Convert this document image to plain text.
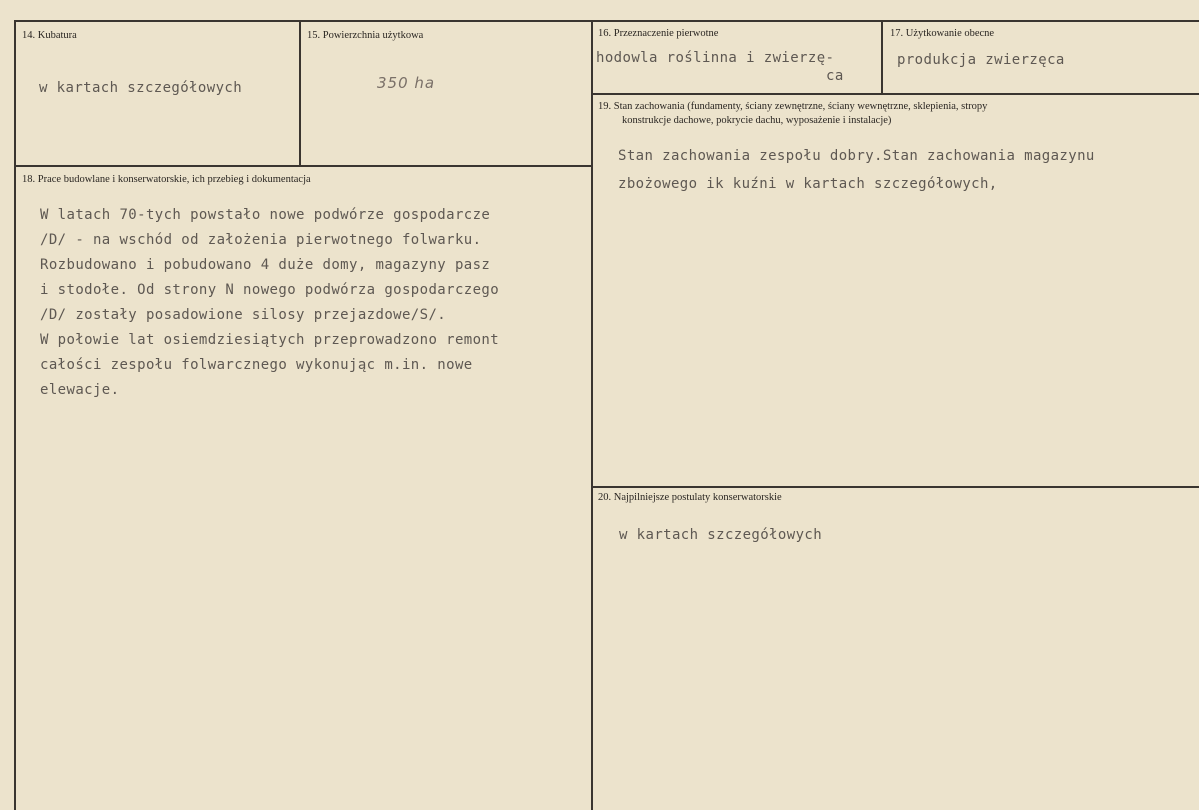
14. Kubatura
w kartach szczegółowych
15. Powierzchnia użytkowa
350 ha
16. Przeznaczenie pierwotne
hodowla roślinna i zwierzę-
ca
17. Użytkowanie obecne
produkcja zwierzęca
18. Prace budowlane i konserwatorskie, ich przebieg i dokumentacja
W latach 70-tych powstało nowe podwórze gospodarcze
/D/ - na wschód od założenia pierwotnego folwarku.
Rozbudowano i pobudowano 4 duże domy, magazyny pasz
i stodołe. Od strony N nowego podwórza gospodarczego
/D/ zostały posadowione silosy przejazdowe/S/.
W połowie lat osiemdziesiątych przeprowadzono remont
całości zespołu folwarcznego wykonując m.in. nowe
elewacje.
19. Stan zachowania (fundamenty, ściany zewnętrzne, ściany wewnętrzne, sklepienia, stropy
konstrukcje dachowe, pokrycie dachu, wyposażenie i instalacje)
Stan zachowania zespołu dobry.Stan zachowania magazynu
zbożowego ik kuźni w kartach szczegółowych,
20. Najpilniejsze postulaty konserwatorskie
w kartach szczegółowych
